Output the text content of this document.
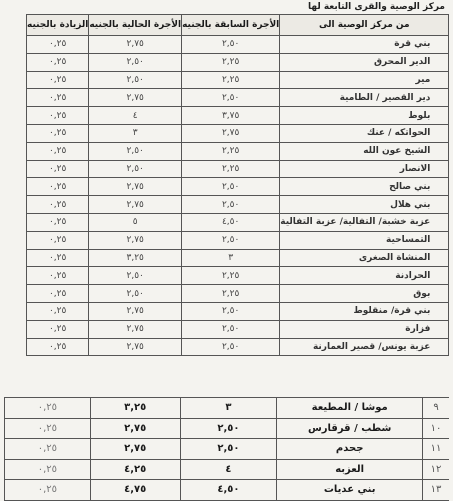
مركز الوصية والقرى التابعة لها
من مركز الوصية الى	الأجرة السابقة بالجنيه	الأجرة الحالية بالجنيه	الزيادة بالجنيه
بني قرة	٢,٥٠	٢,٧٥	٠,٢٥
الدير المحرق	٢,٢٥	٢,٥٠	٠,٢٥
مير	٢,٢٥	٢,٥٠	٠,٢٥
دير القصير / الطامية	٢,٥٠	٢,٧٥	٠,٢٥
بلوط	٣,٧٥	٤	٠,٢٥
الحواتكه / عنك	٢,٧٥	٣	٠,٢٥
الشيخ عون الله	٢,٢٥	٢,٥٠	٠,٢٥
الانصار	٢,٢٥	٢,٥٠	٠,٢٥
بني صالح	٢,٥٠	٢,٧٥	٠,٢٥
بني هلال	٢,٥٠	٢,٧٥	٠,٢٥
عزبة خشبة/ التفالية/ عزبة التفالية	٤,٥٠	٥	٠,٢٥
التمساحية	٢,٥٠	٢,٧٥	٠,٢٥
المنشاة الصغرى	٣	٣,٢٥	٠,٢٥
الحرادنة	٢,٢٥	٢,٥٠	٠,٢٥
بوق	٢,٢٥	٢,٥٠	٠,٢٥
بني قرة/ منقلوط	٢,٥٠	٢,٧٥	٠,٢٥
فزارة	٢,٥٠	٢,٧٥	٠,٢٥
عزبة يونس/ قصير العمارنة	٢,٥٠	٢,٧٥	٠,٢٥
٩	موشا / المطيعة	٣	٣,٢٥	٠,٢٥
١٠	شطب / قرقارس	٢,٥٠	٢,٧٥	٠,٢٥
١١	جحدم	٢,٥٠	٢,٧٥	٠,٢٥
١٢	العزبه	٤	٤,٢٥	٠,٢٥
١٣	بني عديات	٤,٥٠	٤,٧٥	٠,٢٥
